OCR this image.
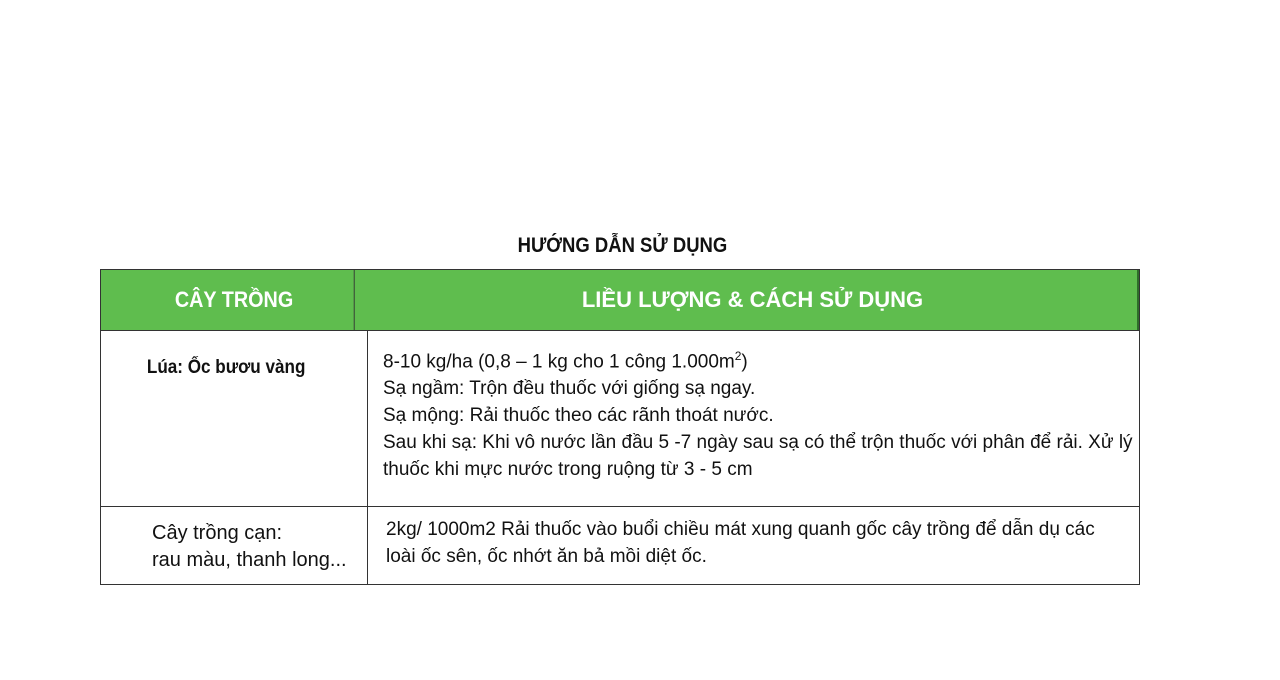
HƯỚNG DẪN SỬ DỤNG
CÂY TRỒNG	LIỀU LƯỢNG & CÁCH SỬ DỤNG
Lúa: Ốc bươu vàng	8-10 kg/ha (0,8 – 1 kg cho 1 công $1.000m^2$)
Sạ ngầm: Trộn đều thuốc với giống sạ ngay.
Sạ mộng: Rải thuốc theo các rãnh thoát nước.
Sau khi sạ: Khi vô nước lần đầu 5 -7 ngày sau sạ có thể trộn thuốc với phân để rải. Xử lý
thuốc khi mực nước trong ruộng từ 3 - 5 cm
Cây trồng cạn:
rau màu, thanh long...
2kg/ 1000m2 Rải thuốc vào buổi chiều mát xung quanh gốc cây trồng để dẫn dụ các
loài ốc sên, ốc nhớt ăn bả mồi diệt ốc.
